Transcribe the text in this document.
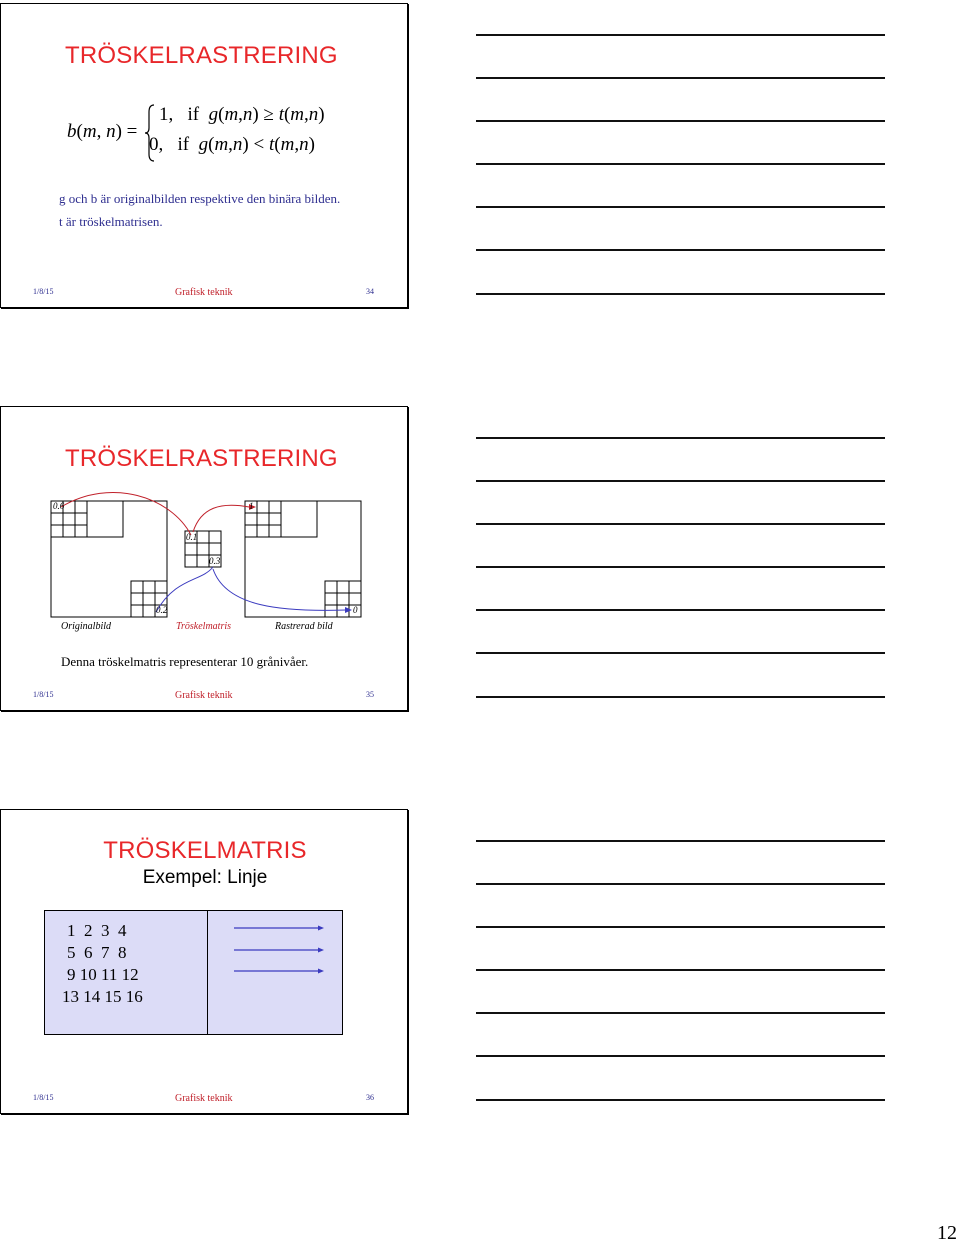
TRÖSKELRASTRERING
b(m, n) =
1,   if  g(m,n) ≥ t(m,n)
0,   if  g(m,n) < t(m,n)
g och b är originalbilden respektive den binära bilden.
t är tröskelmatrisen.
1/8/15	Grafisk teknik	34
TRÖSKELRASTRERING
0.6	1
0.1
0.3
0.2	0
Originalbild	Tröskelmatris	Rastrerad bild
Denna tröskelmatris representerar 10 grånivåer.
1/8/15	Grafisk teknik	35
TRÖSKELMATRIS
Exempel: Linje
1/8/15	Grafisk teknik	36
1  2  3  4
5  6  7  8
9 10 11 12
13 14 15 16
12
